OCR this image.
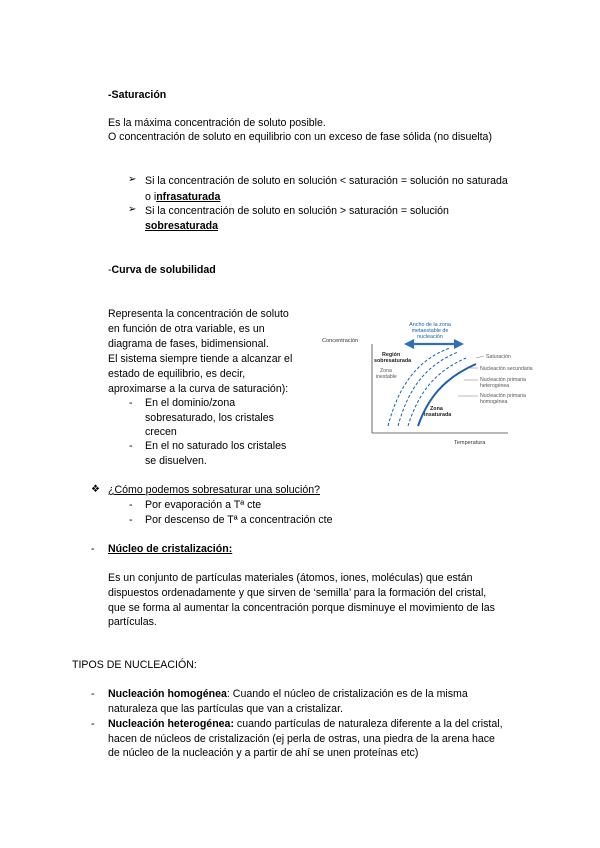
-Saturación
Es la máxima concentración de soluto posible.
O concentración de soluto en equilibrio con un exceso de fase sólida (no disuelta)
➢ Si la concentración de soluto en solución < saturación = solución no saturada
o infrasaturada
➢ Si la concentración de soluto en solución > saturación = solución
sobresaturada
-Curva de solubilidad
Representa la concentración de soluto
en función de otra variable, es un
diagrama de fases, bidimensional.
El sistema siempre tiende a alcanzar el
estado de equilibrio, es decir,
aproximarse a la curva de saturación):
- En el dominio/zona
sobresaturado, los cristales
crecen
- En el no saturado los cristales
se disuelven.
Concentración
Temperatura
Ancho de la zona
metaestable de
nucleación
Región
sobresaturada
Zona
inestable
Zona
insaturada
Saturación
Nucleación secundaria
Nucleación primaria
heterogénea
Nucleación primaria
homogénea
❖ ¿Cómo podemos sobresaturar una solución?
- Por evaporación a Tª cte
- Por descenso de Tª a concentración cte
- Núcleo de cristalización:
Es un conjunto de partículas materiales (átomos, iones, moléculas) que están
dispuestos ordenadamente y que sirven de ‘semilla’ para la formación del cristal,
que se forma al aumentar la concentración porque disminuye el movimiento de las
partículas.
TIPOS DE NUCLEACIÓN:
- Nucleación homogénea: Cuando el núcleo de cristalización es de la misma
naturaleza que las partículas que van a cristalizar.
- Nucleación heterogénea: cuando partículas de naturaleza diferente a la del cristal,
hacen de núcleos de cristalización (ej perla de ostras, una piedra de la arena hace
de núcleo de la nucleación y a partir de ahí se unen proteínas etc)
